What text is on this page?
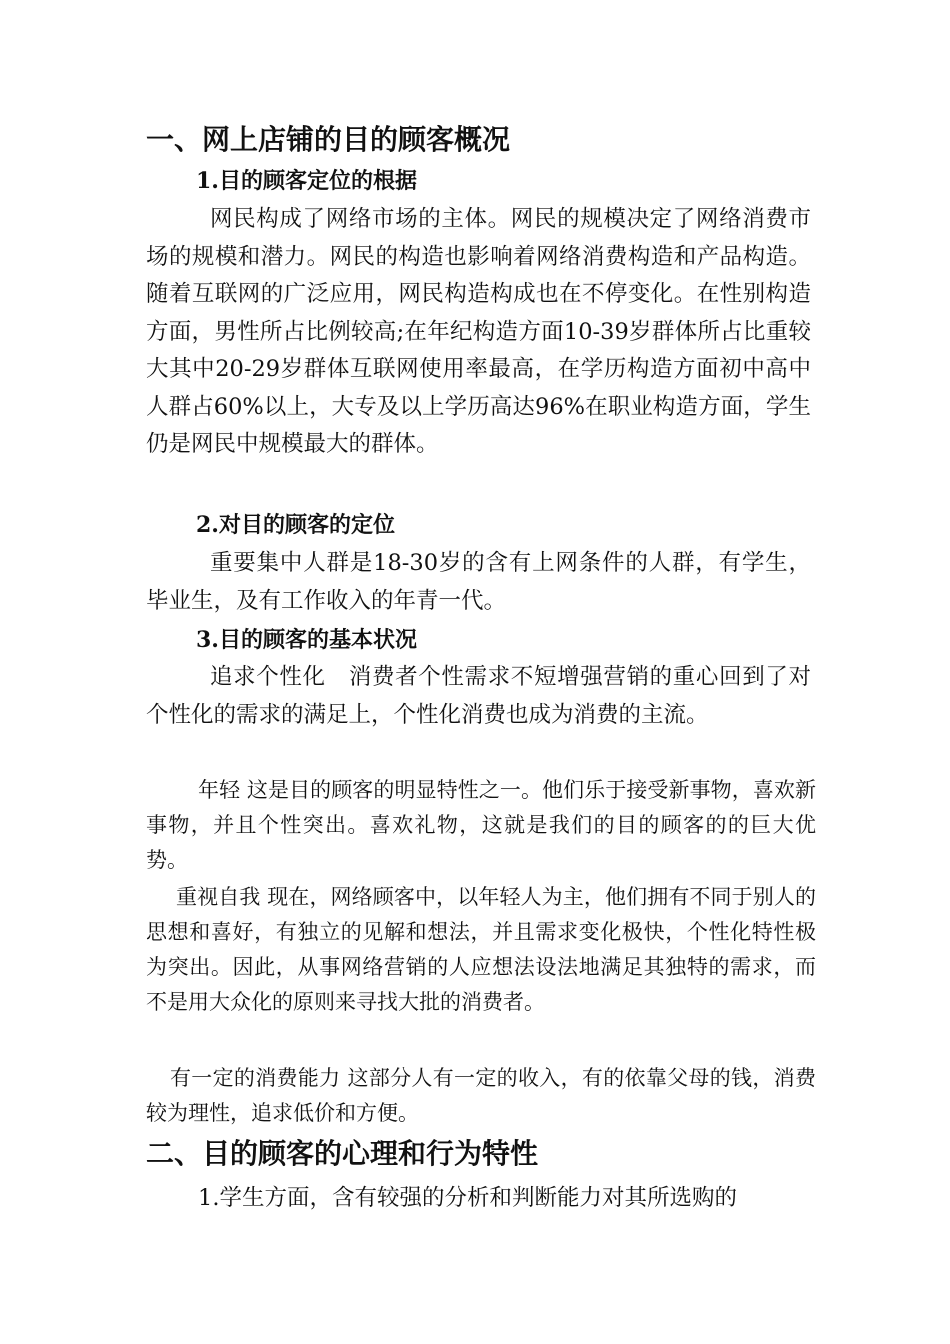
一、网上店铺的目的顾客概况
1.目的顾客定位的根据
网民构成了网络市场的主体。网民的规模决定了网络消费市场的规模和潜力。网民的构造也影响着网络消费构造和产品构造。随着互联网的广泛应用，网民构造构成也在不停变化。在性别构造方面，男性所占比例较高;在年纪构造方面10-39岁群体所占比重较大其中20-29岁群体互联网使用率最高，在学历构造方面初中高中人群占60%以上，大专及以上学历高达96%在职业构造方面，学生仍是网民中规模最大的群体。
2.对目的顾客的定位
重要集中人群是18-30岁的含有上网条件的人群，有学生，毕业生，及有工作收入的年青一代。
3.目的顾客的基本状况
追求个性化　消费者个性需求不短增强营销的重心回到了对个性化的需求的满足上，个性化消费也成为消费的主流。
年轻 这是目的顾客的明显特性之一。他们乐于接受新事物，喜欢新事物，并且个性突出。喜欢礼物，这就是我们的目的顾客的的巨大优势。
重视自我 现在，网络顾客中，以年轻人为主，他们拥有不同于别人的思想和喜好，有独立的见解和想法，并且需求变化极快，个性化特性极为突出。因此，从事网络营销的人应想法设法地满足其独特的需求，而不是用大众化的原则来寻找大批的消费者。
有一定的消费能力 这部分人有一定的收入，有的依靠父母的钱，消费较为理性，追求低价和方便。
二、目的顾客的心理和行为特性
1.学生方面，含有较强的分析和判断能力对其所选购的
